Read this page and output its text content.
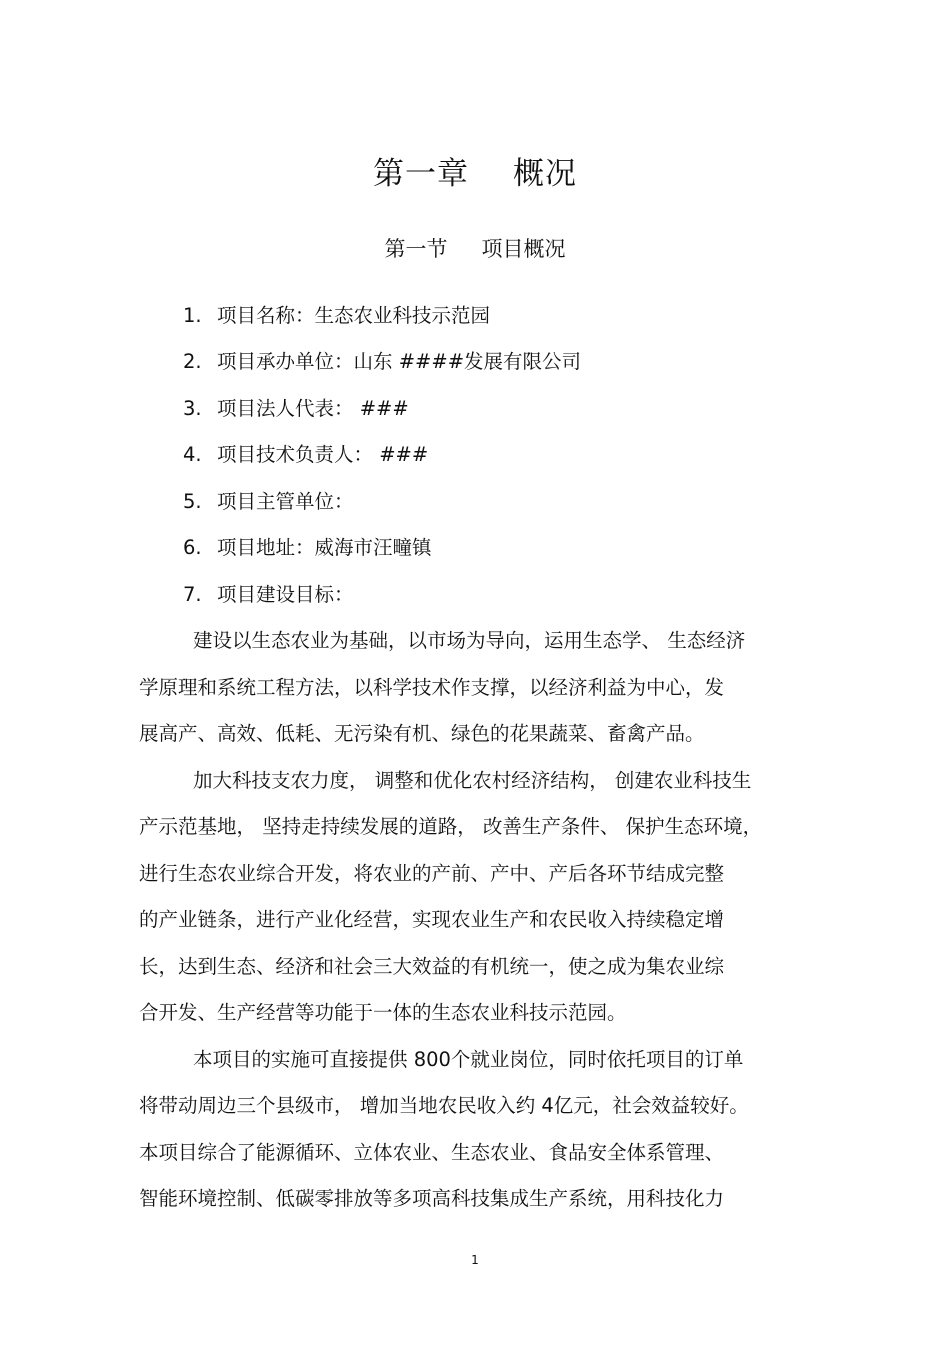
第一章 概况
第一节 项目概况
1. 项目名称：生态农业科技示范园
2. 项目承办单位：山东 ####发展有限公司
3. 项目法人代表： ###
4. 项目技术负责人： ###
5. 项目主管单位：
6. 项目地址：威海市汪疃镇
7. 项目建设目标：
建设以生态农业为基础，以市场为导向，运用生态学、 生态经济
学原理和系统工程方法，以科学技术作支撑，以经济利益为中心，发
展高产、高效、低耗、无污染有机、绿色的花果蔬菜、畜禽产品。
加大科技支农力度， 调整和优化农村经济结构， 创建农业科技生
产示范基地， 坚持走持续发展的道路， 改善生产条件、 保护生态环境，
进行生态农业综合开发，将农业的产前、产中、产后各环节结成完整
的产业链条，进行产业化经营，实现农业生产和农民收入持续稳定增
长，达到生态、经济和社会三大效益的有机统一，使之成为集农业综
合开发、生产经营等功能于一体的生态农业科技示范园。
本项目的实施可直接提供 800个就业岗位，同时依托项目的订单
将带动周边三个县级市， 增加当地农民收入约 4亿元，社会效益较好。
本项目综合了能源循环、立体农业、生态农业、食品安全体系管理、
智能环境控制、低碳零排放等多项高科技集成生产系统，用科技化力
1
